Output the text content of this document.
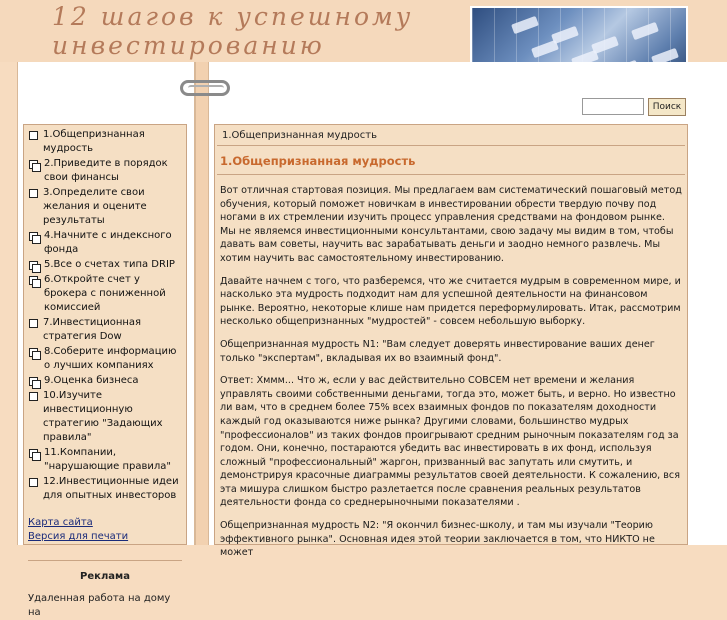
12 шагов к успешному
инвестированию
Поиск
1.Общепризнанная мудрость
2.Приведите в порядок свои финансы
3.Определите свои желания и оцените результаты
4.Начните с индексного фонда
5.Все о счетах типа DRIP
6.Откройте счет у брокера с пониженной комиссией
7.Инвестиционная стратегия Dow
8.Соберите информацию о лучших компаниях
9.Оценка бизнеса
10.Изучите инвестиционную стратегию "Задающих правила"
11.Компании, "нарушающие правила"
12.Инвестиционные идеи для опытных инвесторов
Карта сайта
Версия для печати
Реклама
Удаленная работа на дому на
1.Общепризнанная мудрость
1.Общепризнанная мудрость

Вот отличная стартовая позиция. Мы предлагаем вам систематический пошаговый метод обучения, который поможет новичкам в инвестировании обрести твердую почву под ногами в их стремлении изучить процесс управления средствами на фондовом рынке. Мы не являемся инвестиционными консультантами, свою задачу мы видим в том, чтобы давать вам советы, научить вас зарабатывать деньги и заодно немного развлечь. Мы хотим научить вас самостоятельному инвестированию.

Давайте начнем с того, что разберемся, что же считается мудрым в современном мире, и насколько эта мудрость подходит нам для успешной деятельности на финансовом рынке. Вероятно, некоторые клише нам придется переформулировать. Итак, рассмотрим несколько общепризнанных "мудростей" - совсем небольшую выборку.

Общепризнанная мудрость N1: "Вам следует доверять инвестирование ваших денег только "экспертам", вкладывая их во взаимный фонд".

Ответ: Хммм... Что ж, если у вас действительно СОВСЕМ нет времени и желания управлять своими собственными деньгами, тогда это, может быть, и верно. Но известно ли вам, что в среднем более 75% всех взаимных фондов по показателям доходности каждый год оказываются ниже рынка? Другими словами, большинство мудрых "профессионалов" из таких фондов проигрывают средним рыночным показателям год за годом. Они, конечно, постараются убедить вас инвестировать в их фонд, используя сложный "профессиональный" жаргон, призванный вас запутать или смутить, и демонстрируя красочные диаграммы результатов своей деятельности. К сожалению, вся эта мишура слишком быстро разлетается после сравнения реальных результатов деятельности фонда со среднерыночными показателями .

Общепризнанная мудрость N2: "Я окончил бизнес-школу, и там мы изучали "Теорию эффективного рынка". Основная идея этой теории заключается в том, что НИКТО не может
